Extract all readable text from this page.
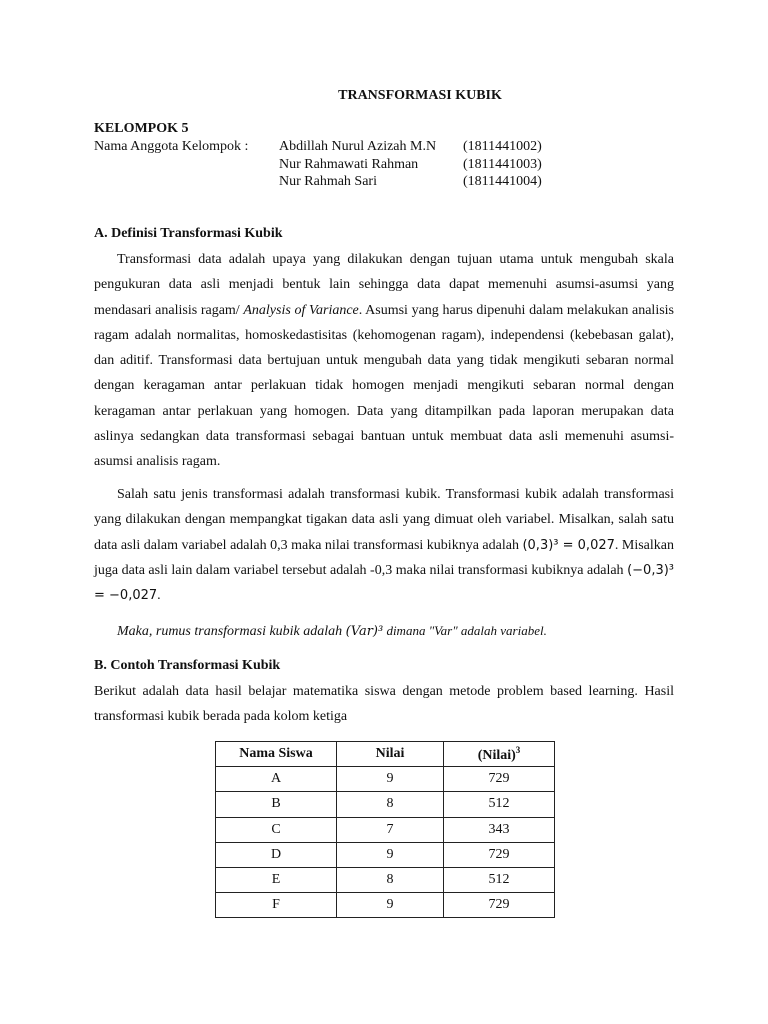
TRANSFORMASI KUBIK
KELOMPOK 5
Nama Anggota Kelompok : Abdillah Nurul Azizah M.N (1811441002)
Nur Rahmawati Rahman	(1811441003)
Nur Rahmah Sari	(1811441004)
A. Definisi Transformasi Kubik

Transformasi data adalah upaya yang dilakukan dengan tujuan utama untuk mengubah skala pengukuran data asli menjadi bentuk lain sehingga data dapat memenuhi asumsi-asumsi yang mendasari analisis ragam/ Analysis of Variance. Asumsi yang harus dipenuhi dalam melakukan analisis ragam adalah normalitas, homoskedastisitas (kehomogenan ragam), independensi (kebebasan galat), dan aditif. Transformasi data bertujuan untuk mengubah data yang tidak mengikuti sebaran normal dengan keragaman antar perlakuan tidak homogen menjadi mengikuti sebaran normal dengan keragaman antar perlakuan yang homogen. Data yang ditampilkan pada laporan merupakan data aslinya sedangkan data transformasi sebagai bantuan untuk membuat data asli memenuhi asumsi-asumsi analisis ragam.

Salah satu jenis transformasi adalah transformasi kubik. Transformasi kubik adalah transformasi yang dilakukan dengan mempangkat tigakan data asli yang dimuat oleh variabel. Misalkan, salah satu data asli dalam variabel adalah 0,3 maka nilai transformasi kubiknya adalah (0,3)³ = 0,027. Misalkan juga data asli lain dalam variabel tersebut adalah -0,3 maka nilai transformasi kubiknya adalah (−0,3)³ = −0,027.

Maka, rumus transformasi kubik adalah (Var)³ dimana "Var" adalah variabel.
B. Contoh Transformasi Kubik
Berikut adalah data hasil belajar matematika siswa dengan metode problem based learning. Hasil transformasi kubik berada pada kolom ketiga
Nama Siswa	Nilai	(Nilai)$^3$
A	9	729
B	8	512
C	7	343
D	9	729
E	8	512
F	9	729
